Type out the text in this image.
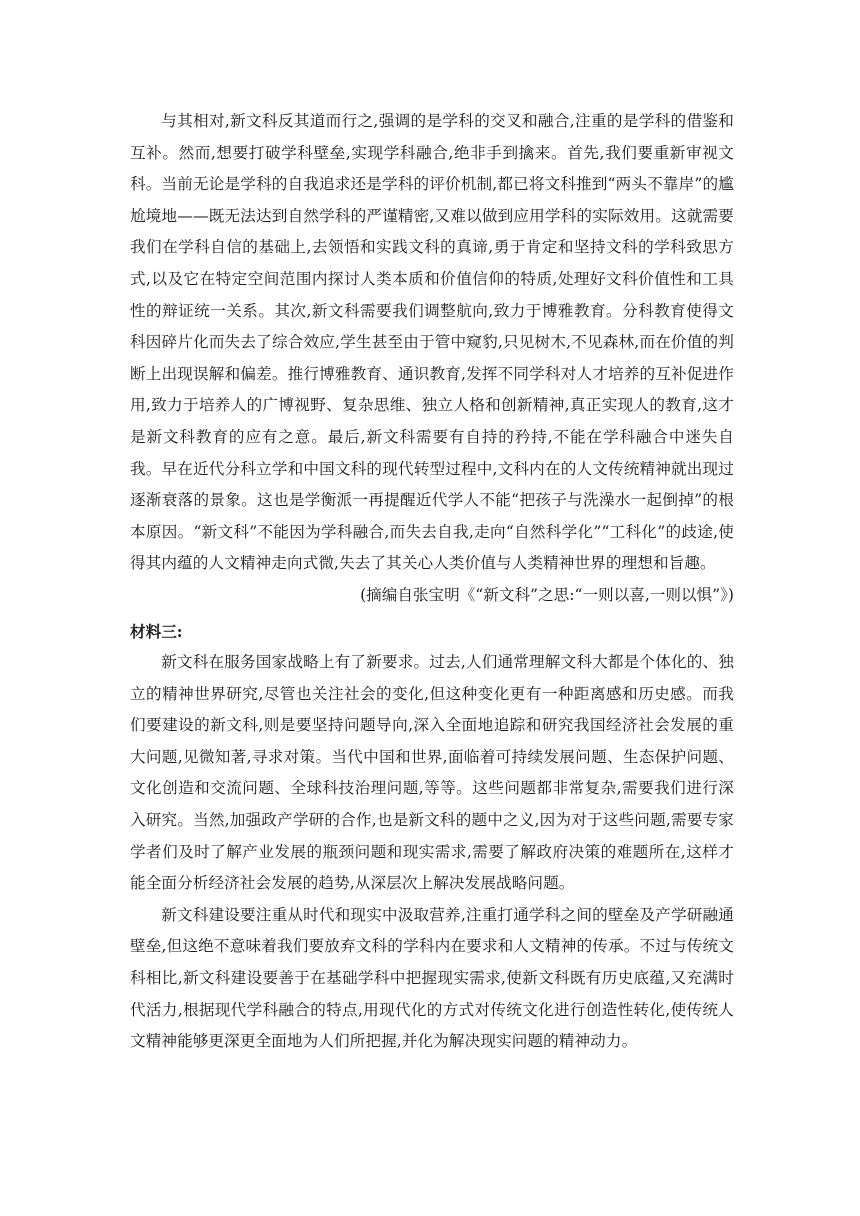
与其相对,新文科反其道而行之,强调的是学科的交叉和融合,注重的是学科的借鉴和互补。然而,想要打破学科壁垒,实现学科融合,绝非手到擒来。首先,我们要重新审视文科。当前无论是学科的自我追求还是学科的评价机制,都已将文科推到“两头不靠岸”的尴尬境地——既无法达到自然学科的严谨精密,又难以做到应用学科的实际效用。这就需要我们在学科自信的基础上,去领悟和实践文科的真谛,勇于肯定和坚持文科的学科致思方式,以及它在特定空间范围内探讨人类本质和价值信仰的特质,处理好文科价值性和工具性的辩证统一关系。其次,新文科需要我们调整航向,致力于博雅教育。分科教育使得文科因碎片化而失去了综合效应,学生甚至由于管中窥豹,只见树木,不见森林,而在价值的判断上出现误解和偏差。推行博雅教育、通识教育,发挥不同学科对人才培养的互补促进作用,致力于培养人的广博视野、复杂思维、独立人格和创新精神,真正实现人的教育,这才是新文科教育的应有之意。最后,新文科需要有自持的矜持,不能在学科融合中迷失自我。早在近代分科立学和中国文科的现代转型过程中,文科内在的人文传统精神就出现过逐渐衰落的景象。这也是学衡派一再提醒近代学人不能“把孩子与洗澡水一起倒掉”的根本原因。“新文科”不能因为学科融合,而失去自我,走向“自然科学化”“工科化”的歧途,使得其内蕴的人文精神走向式微,失去了其关心人类价值与人类精神世界的理想和旨趣。

(摘编自张宝明《“新文科”之思:“一则以喜,一则以惧”》)

材料三:

新文科在服务国家战略上有了新要求。过去,人们通常理解文科大都是个体化的、独立的精神世界研究,尽管也关注社会的变化,但这种变化更有一种距离感和历史感。而我们要建设的新文科,则是要坚持问题导向,深入全面地追踪和研究我国经济社会发展的重大问题,见微知著,寻求对策。当代中国和世界,面临着可持续发展问题、生态保护问题、文化创造和交流问题、全球科技治理问题,等等。这些问题都非常复杂,需要我们进行深入研究。当然,加强政产学研的合作,也是新文科的题中之义,因为对于这些问题,需要专家学者们及时了解产业发展的瓶颈问题和现实需求,需要了解政府决策的难题所在,这样才能全面分析经济社会发展的趋势,从深层次上解决发展战略问题。

新文科建设要注重从时代和现实中汲取营养,注重打通学科之间的壁垒及产学研融通壁垒,但这绝不意味着我们要放弃文科的学科内在要求和人文精神的传承。不过与传统文科相比,新文科建设要善于在基础学科中把握现实需求,使新文科既有历史底蕴,又充满时代活力,根据现代学科融合的特点,用现代化的方式对传统文化进行创造性转化,使传统人文精神能够更深更全面地为人们所把握,并化为解决现实问题的精神动力。
